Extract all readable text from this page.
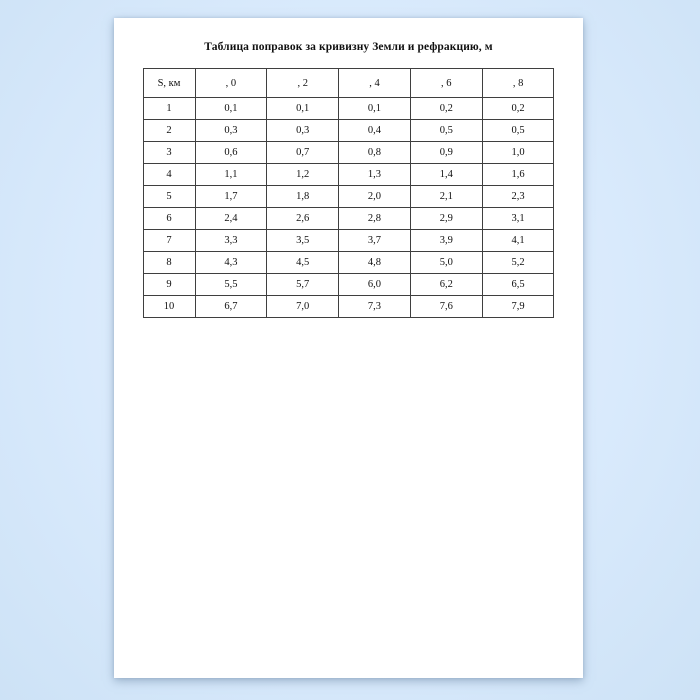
Таблица поправок за кривизну Земли и рефракцию, м
S, км	, 0	, 2	, 4	, 6	, 8
1	0,1	0,1	0,1	0,2	0,2
2	0,3	0,3	0,4	0,5	0,5
3	0,6	0,7	0,8	0,9	1,0
4	1,1	1,2	1,3	1,4	1,6
5	1,7	1,8	2,0	2,1	2,3
6	2,4	2,6	2,8	2,9	3,1
7	3,3	3,5	3,7	3,9	4,1
8	4,3	4,5	4,8	5,0	5,2
9	5,5	5,7	6,0	6,2	6,5
10	6,7	7,0	7,3	7,6	7,9
